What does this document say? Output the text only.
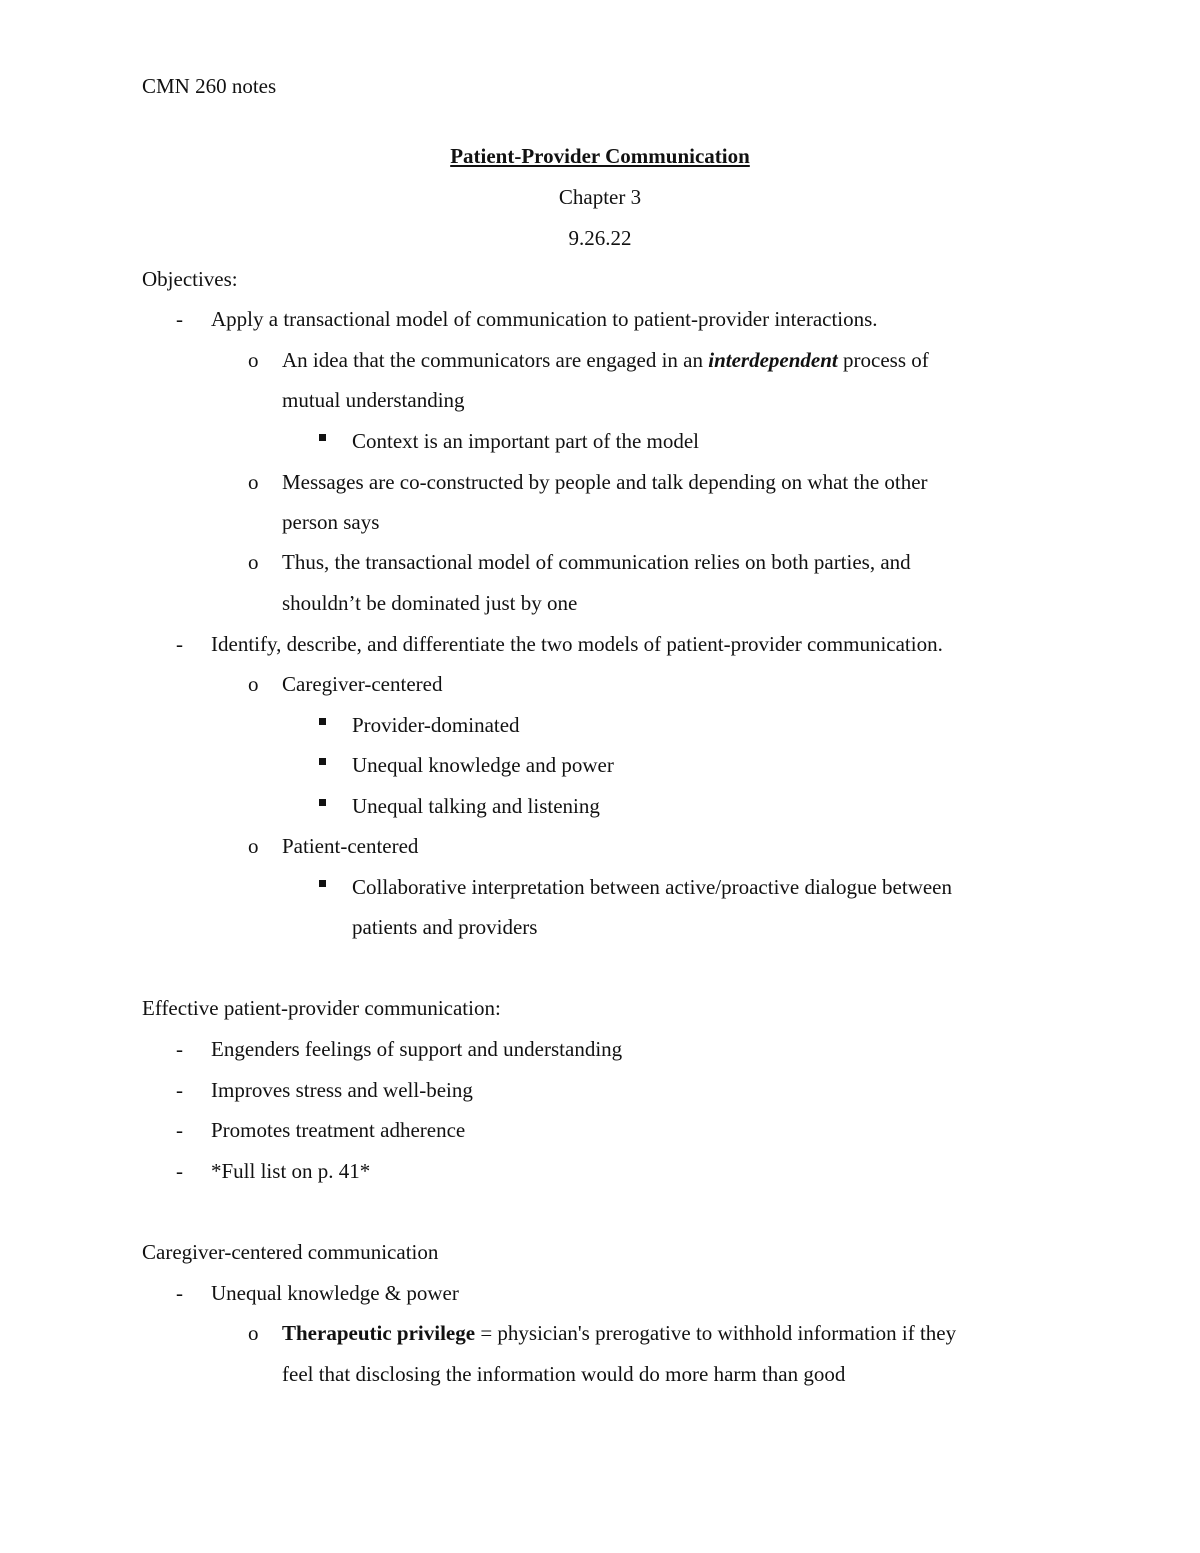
CMN 260 notes
Patient-Provider Communication
Chapter 3
9.26.22
Objectives:
- Apply a transactional model of communication to patient-provider interactions.
o An idea that the communicators are engaged in an interdependent process of
mutual understanding
Context is an important part of the model
o Messages are co-constructed by people and talk depending on what the other
person says
o Thus, the transactional model of communication relies on both parties, and
shouldn’t be dominated just by one
- Identify, describe, and differentiate the two models of patient-provider communication.
o Caregiver-centered
Provider-dominated
Unequal knowledge and power
Unequal talking and listening
o Patient-centered
Collaborative interpretation between active/proactive dialogue between
patients and providers
Effective patient-provider communication:
- Engenders feelings of support and understanding
- Improves stress and well-being
- Promotes treatment adherence
- *Full list on p. 41*
Caregiver-centered communication
- Unequal knowledge & power
o Therapeutic privilege = physician's prerogative to withhold information if they
feel that disclosing the information would do more harm than good
